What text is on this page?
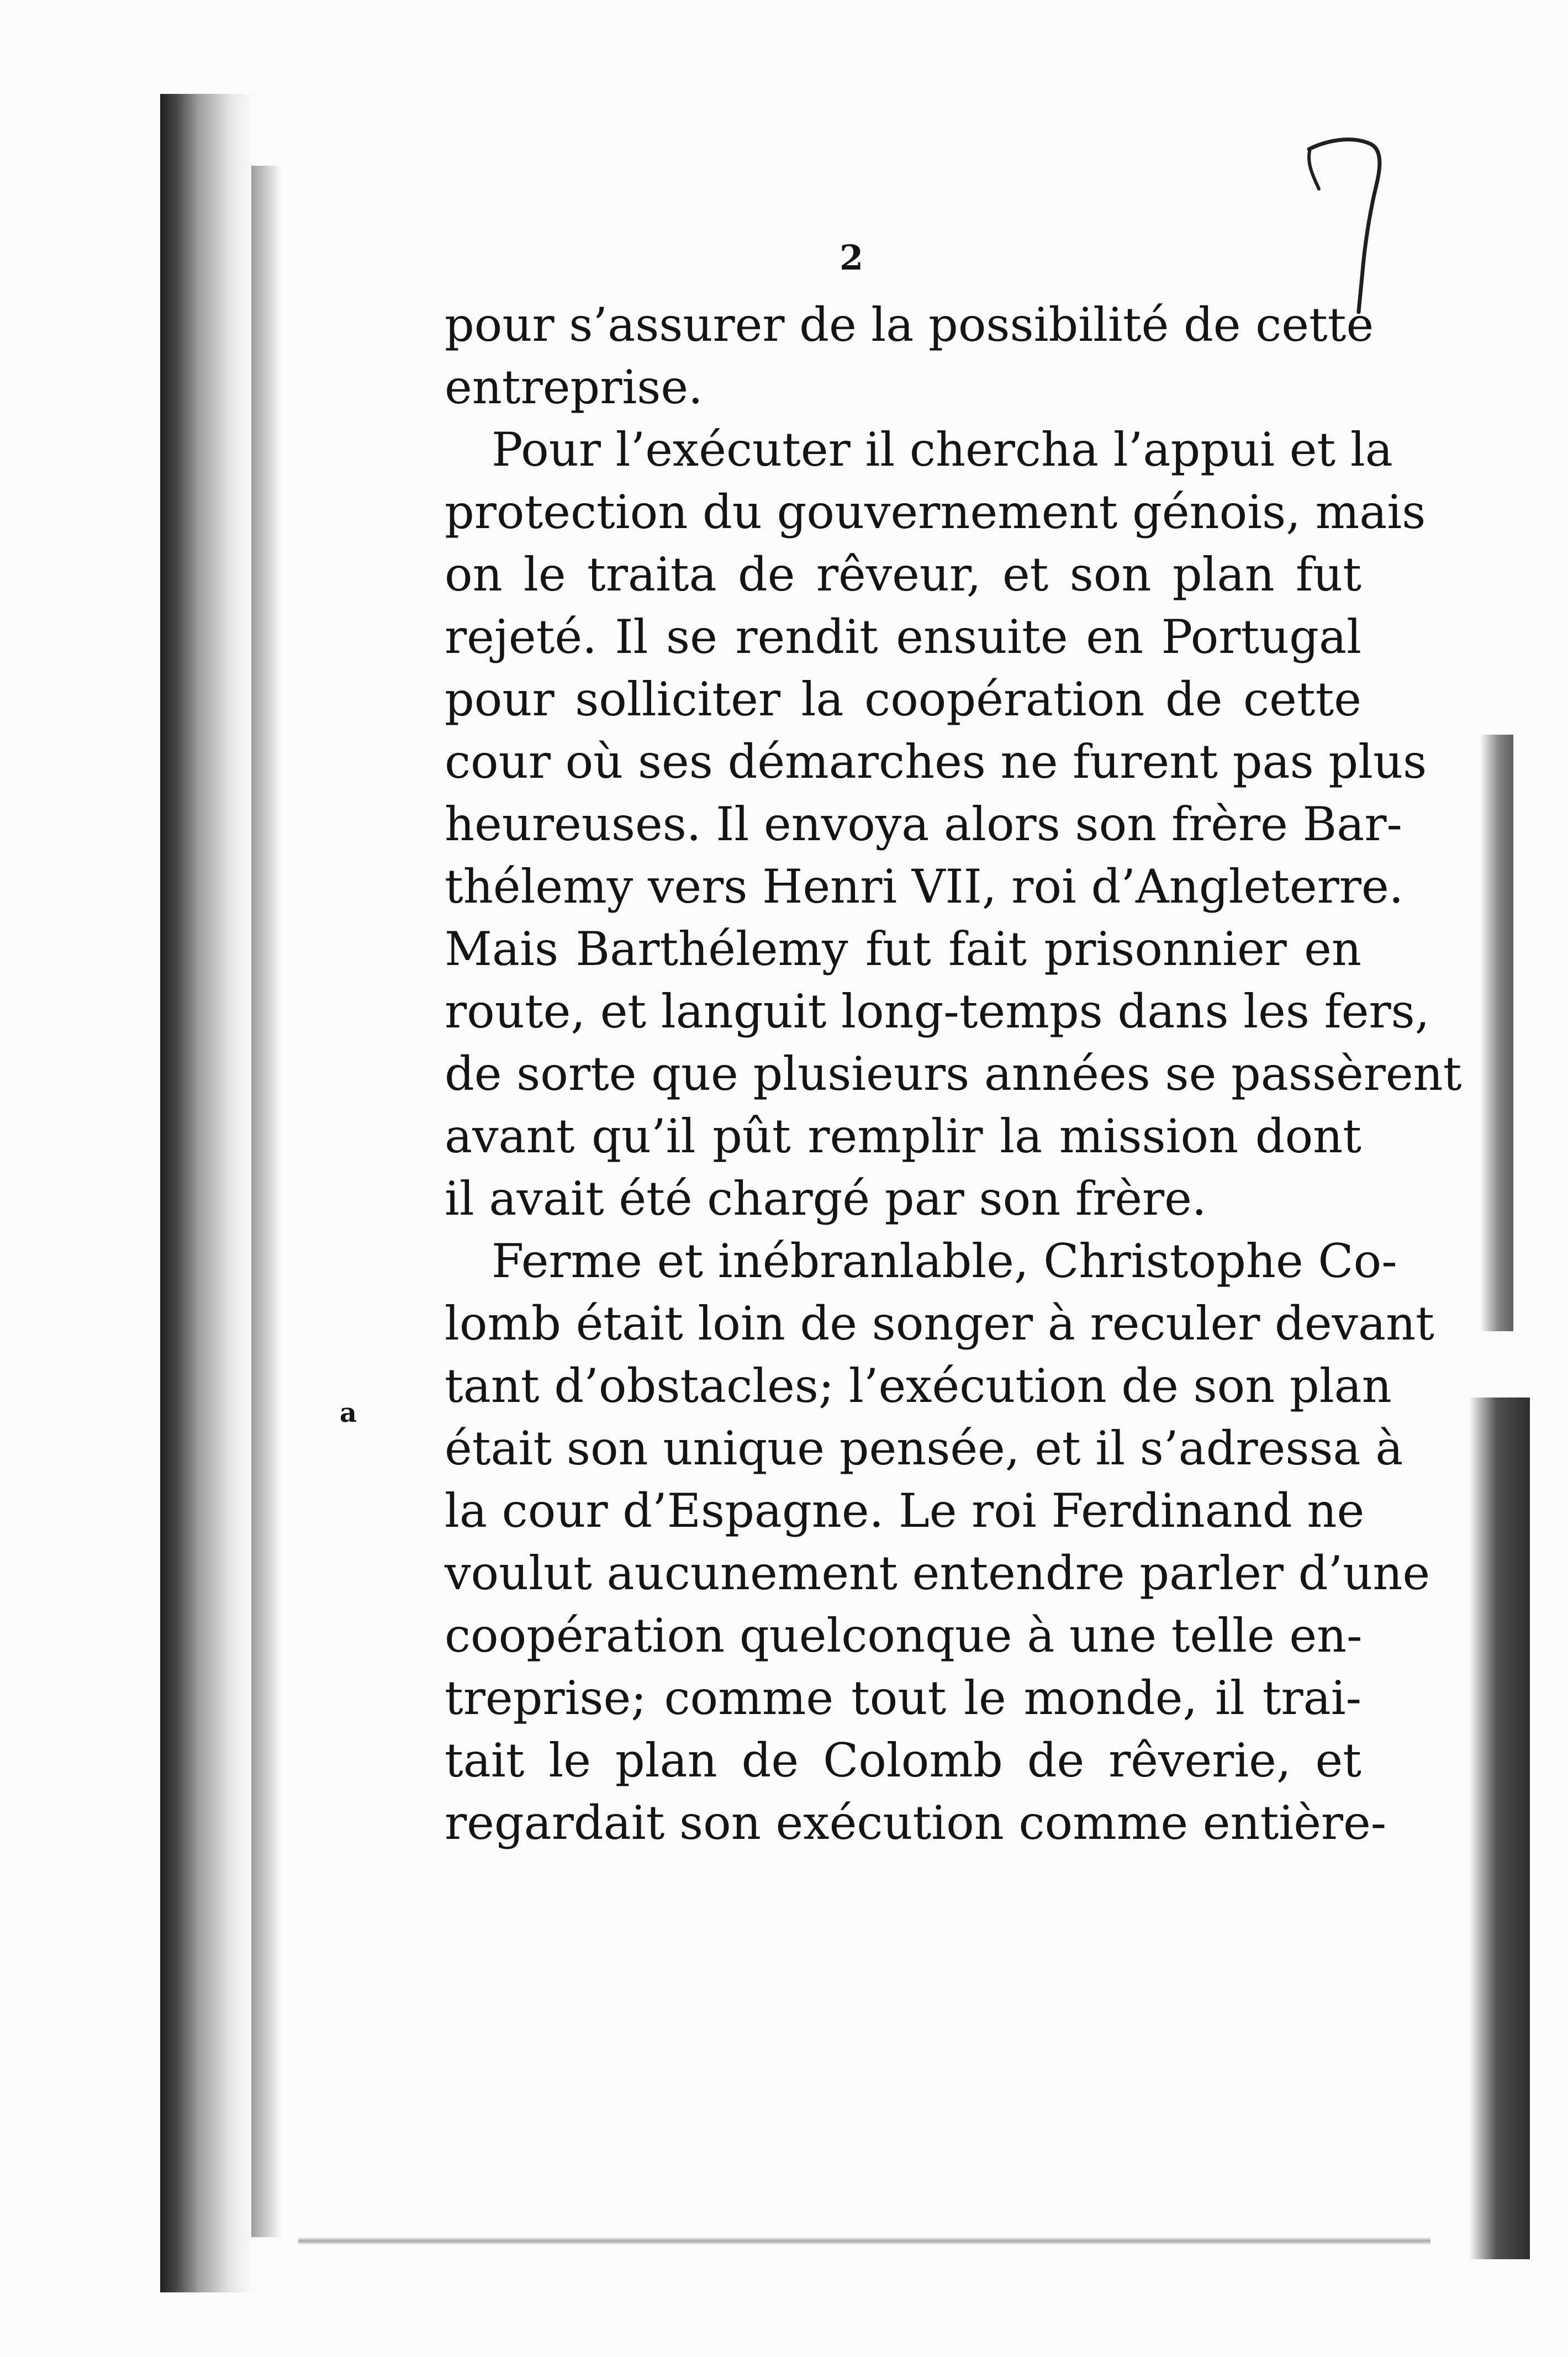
a
2
pour s’assurer de la possibilité de cette
entreprise.
Pour l’exécuter il chercha l’appui et la
protection du gouvernement génois, mais
on le traita de rêveur, et son plan fut
rejeté. Il se rendit ensuite en Portugal
pour solliciter la coopération de cette
cour où ses démarches ne furent pas plus
heureuses. Il envoya alors son frère Bar-
thélemy vers Henri VII, roi d’Angleterre.
Mais Barthélemy fut fait prisonnier en
route, et languit long-temps dans les fers,
de sorte que plusieurs années se passèrent
avant qu’il pût remplir la mission dont
il avait été chargé par son frère.
Ferme et inébranlable, Christophe Co-
lomb était loin de songer à reculer devant
tant d’obstacles; l’exécution de son plan
était son unique pensée, et il s’adressa à
la cour d’Espagne. Le roi Ferdinand ne
voulut aucunement entendre parler d’une
coopération quelconque à une telle en-
treprise; comme tout le monde, il trai-
tait le plan de Colomb de rêverie, et
regardait son exécution comme entière-
